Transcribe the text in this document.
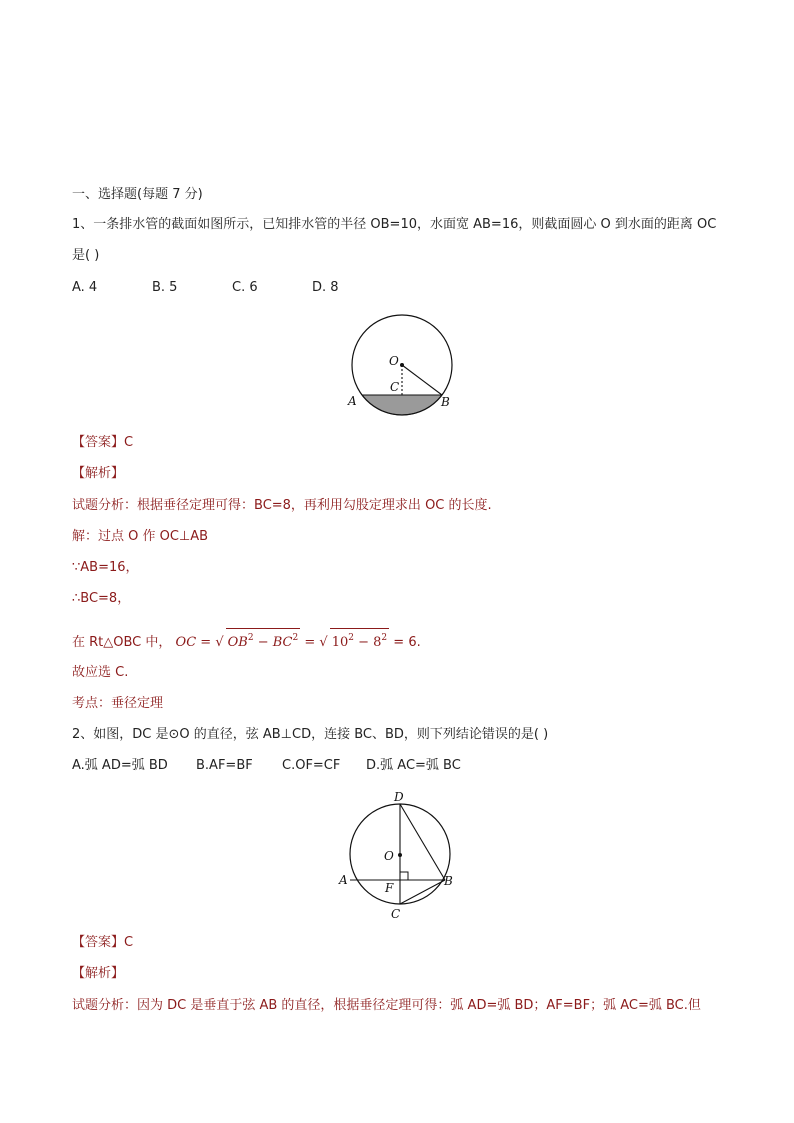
一、选择题(每题 7 分)
1、一条排水管的截面如图所示，已知排水管的半径 OB=10，水面宽 AB=16，则截面圆心 O 到水面的距离 OC
是( )
A. 4	B. 5	C. 6	D. 8
O
C
A	B
【答案】C
【解析】
试题分析：根据垂径定理可得：BC=8，再利用勾股定理求出 OC 的长度.
解：过点 O 作 OC⊥AB
∵AB=16，
∴BC=8，
在 Rt△OBC 中， OC = √ $OB^2 - BC^2$ = √ $10^2 - 8^2 = 6$.
故应选 C.
考点：垂径定理
2、如图，DC 是⊙O 的直径，弦 AB⊥CD，连接 BC、BD，则下列结论错误的是( )
A.弧 AD=弧 BD B.AF=BF C.OF=CF D.弧 AC=弧 BC
D
O
A
F	B
C
【答案】C
【解析】
试题分析：因为 DC 是垂直于弦 AB 的直径，根据垂径定理可得：弧 AD=弧 BD；AF=BF；弧 AC=弧 BC.但
